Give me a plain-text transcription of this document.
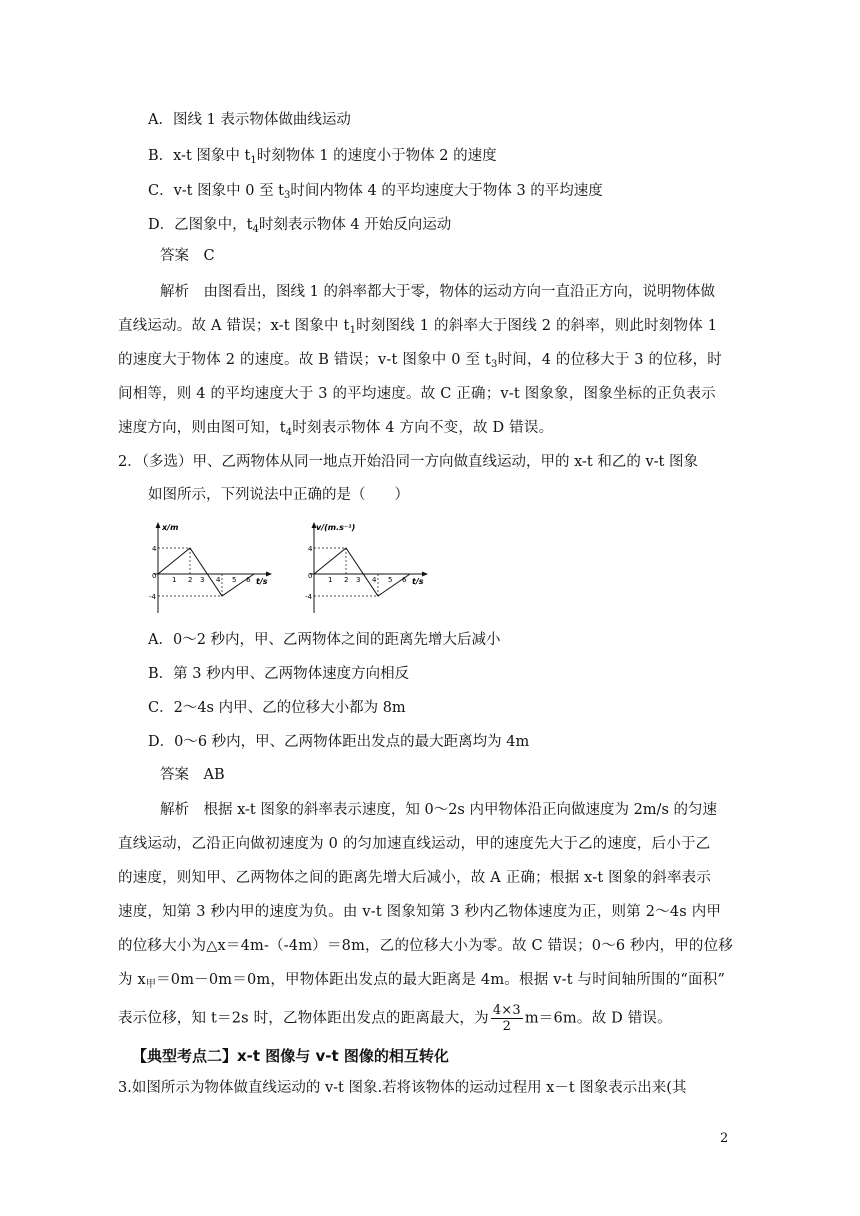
A．图线 1 表示物体做曲线运动
B．x-t 图象中 $t_1$时刻物体 1 的速度小于物体 2 的速度
C．v-t 图象中 0 至 $t_3$时间内物体 4 的平均速度大于物体 3 的平均速度
D．乙图象中，$t_4$时刻表示物体 4 开始反向运动
答案　C
解析　由图看出，图线 1 的斜率都大于零，物体的运动方向一直沿正方向，说明物体做
直线运动。故 A 错误；x-t 图象中 $t_1$时刻图线 1 的斜率大于图线 2 的斜率，则此时刻物体 1
的速度大于物体 2 的速度。故 B 错误；v-t 图象中 0 至 $t_3$时间，4 的位移大于 3 的位移，时
间相等，则 4 的平均速度大于 3 的平均速度。故 C 正确；v-t 图象象，图象坐标的正负表示
速度方向，则由图可知，$t_4$时刻表示物体 4 方向不变，故 D 错误。
2．（多选）甲、乙两物体从同一地点开始沿同一方向做直线运动，甲的 x-t 和乙的 v-t 图象
如图所示，下列说法中正确的是（　　）
x/m
t/s
0
4
-4
1 2 3 4 5 6
v/(m.s⁻¹)
t/s
0
4
-4
1 2 3 4 5 6
A．0～2 秒内，甲、乙两物体之间的距离先增大后减小
B．第 3 秒内甲、乙两物体速度方向相反
C．2～4s 内甲、乙的位移大小都为 8m
D．0～6 秒内，甲、乙两物体距出发点的最大距离均为 4m
答案　AB
解析　根据 x-t 图象的斜率表示速度，知 0～2s 内甲物体沿正向做速度为 2m/s 的匀速
直线运动，乙沿正向做初速度为 0 的匀加速直线运动，甲的速度先大于乙的速度，后小于乙
的速度，则知甲、乙两物体之间的距离先增大后减小，故 A 正确；根据 x-t 图象的斜率表示
速度，知第 3 秒内甲的速度为负。由 v-t 图象知第 3 秒内乙物体速度为正，则第 2～4s 内甲
的位移大小为△x＝4m-（-4m）＝8m，乙的位移大小为零。故 C 错误；0～6 秒内，甲的位移
为 $x_甲=0m-0m=0m$，甲物体距出发点的最大距离是 4m。根据 v-t 与时间轴所围的“面积”
表示位移，知 t＝2s 时，乙物体距出发点的距离最大，为 $\frac{4\times 3}{2} m=6m$。故 D 错误。
【典型考点二】x-t 图像与 v-t 图像的相互转化
3.如图所示为物体做直线运动的 v-t 图象.若将该物体的运动过程用 x－t 图象表示出来(其
2
